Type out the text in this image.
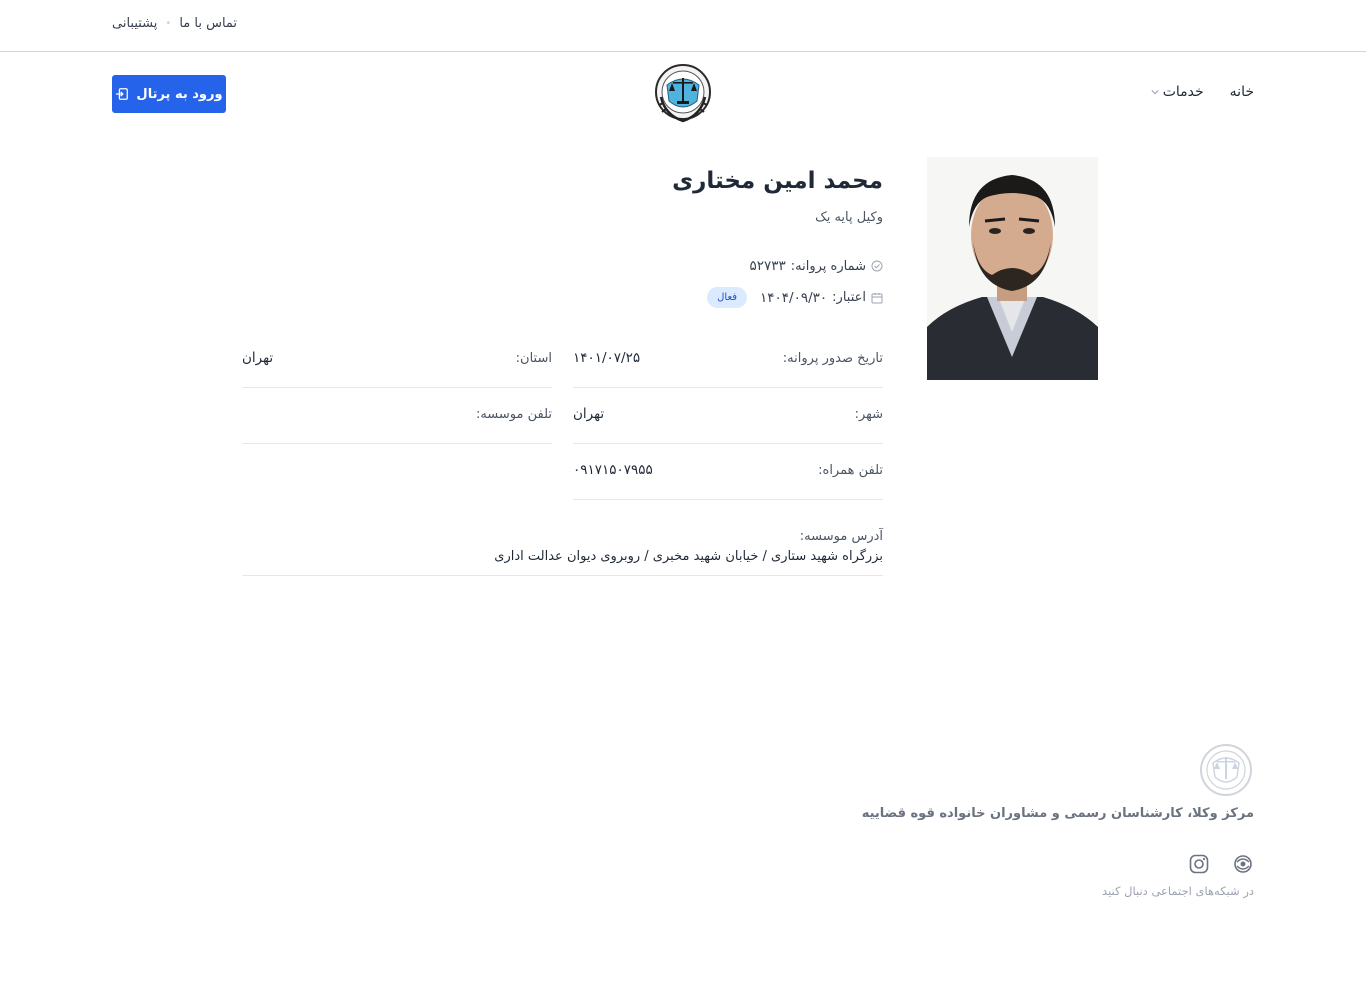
پشتیبانی • تماس با ما
خانه
خدمات
ورود به پرتال
محمد امین مختاری
وکیل پایه یک
شماره پروانه:
۵۲۷۳۳
اعتبار:
۱۴۰۴/۰۹/۳۰
فعال
تاریخ صدور پروانه:
۱۴۰۱/۰۷/۲۵
استان:
تهران
شهر:
تهران
تلفن موسسه:
تلفن همراه:
۰۹۱۷۱۵۰۷۹۵۵
آدرس موسسه:
بزرگراه شهید ستاری / خیابان شهید مخبری / روبروی دیوان عدالت اداری
مرکز وکلا، کارشناسان رسمی و مشاوران خانواده قوه قضاییه
در شبکه‌های اجتماعی دنبال کنید
